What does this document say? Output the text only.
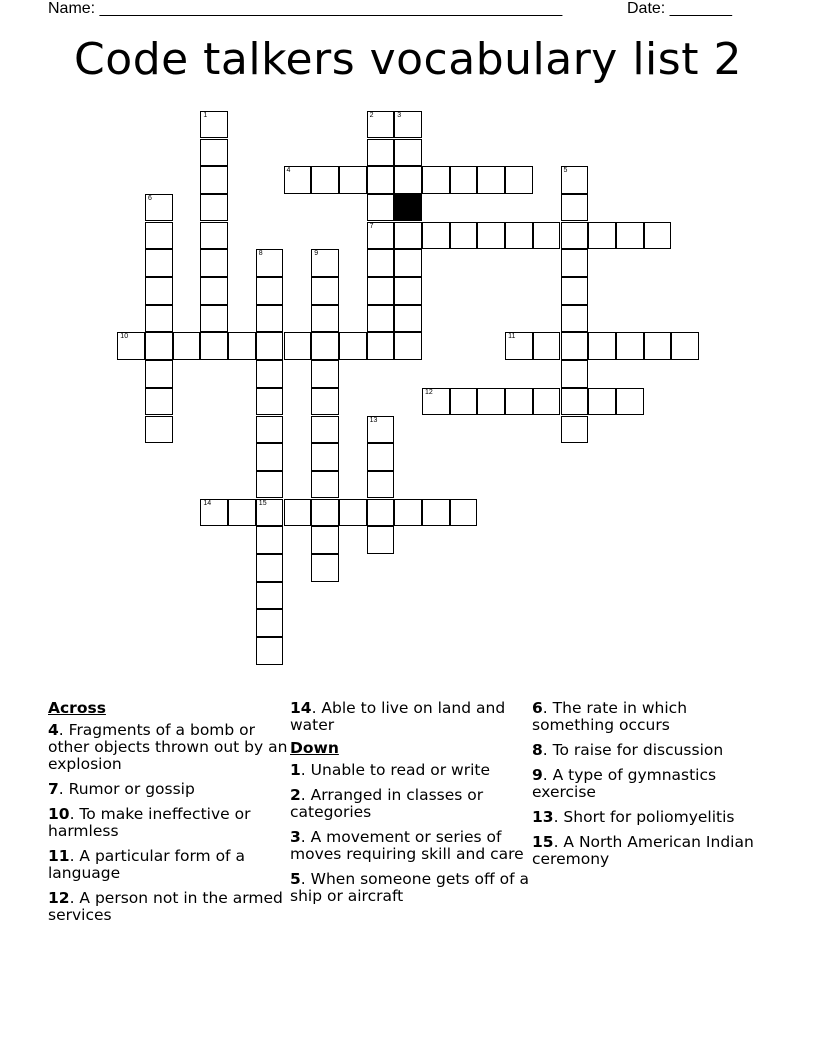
Name: ____________________________________________________

	Date: _______

Code talkers vocabulary list 2
1	2
7
3
4	5
6
8	9
10	11
12
13
14	15
Across
4. Fragments of a bomb or other objects thrown out by an explosion
7. Rumor or gossip
10. To make ineffective or harmless
11. A particular form of a language
12. A person not in the armed services
14. Able to live on land and water
Down
1. Unable to read or write
2. Arranged in classes or categories
3. A movement or series of moves requiring skill and care
5. When someone gets off of a ship or aircraft
6. The rate in which something occurs
8. To raise for discussion
9. A type of gymnastics exercise
13. Short for poliomyelitis
15. A North American Indian ceremony
